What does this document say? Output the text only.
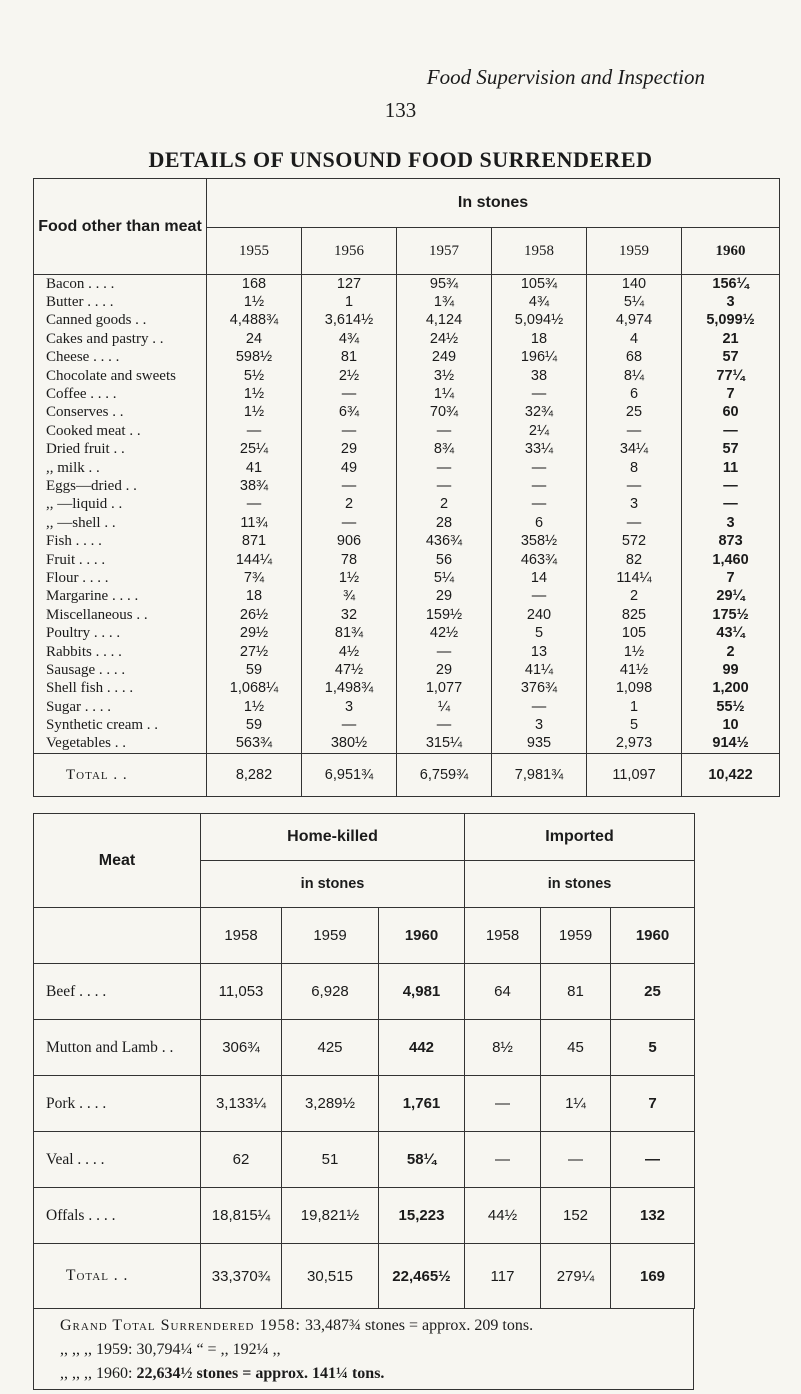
Food Supervision and Inspection
133
DETAILS OF UNSOUND FOOD SURRENDERED
Food other than meat	In stones					
	1955	1956	1957	1958	1959	1960
Bacon . . . .	168	127	95¾	105¾	140	156¼
Butter . . . .	1½	1	1¾	4¾	5¼	3
Canned goods . .	4,488¾	3,614½	4,124	5,094½	4,974	5,099½
Cakes and pastry . .	24	4¾	24½	18	4	21
Cheese . . . .	598½	81	249	196¼	68	57
Chocolate and sweets	5½	2½	3½	38	8¼	77¼
Coffee . . . .	1½	—	1¼	—	6	7
Conserves . .	1½	6¾	70¾	32¾	25	60
Cooked meat . .	—	—	—	2¼	—	—
Dried fruit . .	25¼	29	8¾	33¼	34¼	57
,, milk . .	41	49	—	—	8	11
Eggs—dried . .	38¾	—	—	—	—	—
,, —liquid . .	—	2	2	—	3	—
,, —shell . .	11¾	—	28	6	—	3
Fish . . . .	871	906	436¾	358½	572	873
Fruit . . . .	144¼	78	56	463¾	82	1,460
Flour . . . .	7¾	1½	5¼	14	114¼	7
Margarine . . . .	18	¾	29	—	2	29¼
Miscellaneous . .	26½	32	159½	240	825	175½
Poultry . . . .	29½	81¾	42½	5	105	43¼
Rabbits . . . .	27½	4½	—	13	1½	2
Sausage . . . .	59	47½	29	41¼	41½	99
Shell fish . . . .	1,068¼	1,498¾	1,077	376¾	1,098	1,200
Sugar . . . .	1½	3	¼	—	1	55½
Synthetic cream . .	59	—	—	3	5	10
Vegetables . .	563¾	380½	315¼	935	2,973	914½
Total . .	8,282	6,951¾	6,759¾	7,981¾	11,097	10,422
Meat	Home-killed			Imported		
	in stones			in stones		
	1958	1959	1960	1958	1959	1960
Beef . . . .	11,053	6,928	4,981	64	81	25
Mutton and Lamb . .	306¾	425	442	8½	45	5
Pork . . . .	3,133¼	3,289½	1,761	—	1¼	7
Veal . . . .	62	51	58¼	—	—	—
Offals . . . .	18,815¼	19,821½	15,223	44½	152	132
Total . .	33,370¾	30,515	22,465½	117	279¼	169
Grand Total Surrendered 1958: 33,487¾ stones = approx. 209 tons.
,, ,, ,, 1959: 30,794¼ “ = ,, 192¼ ,,
,, ,, ,, 1960: 22,634½ stones = approx. 141¼ tons.
